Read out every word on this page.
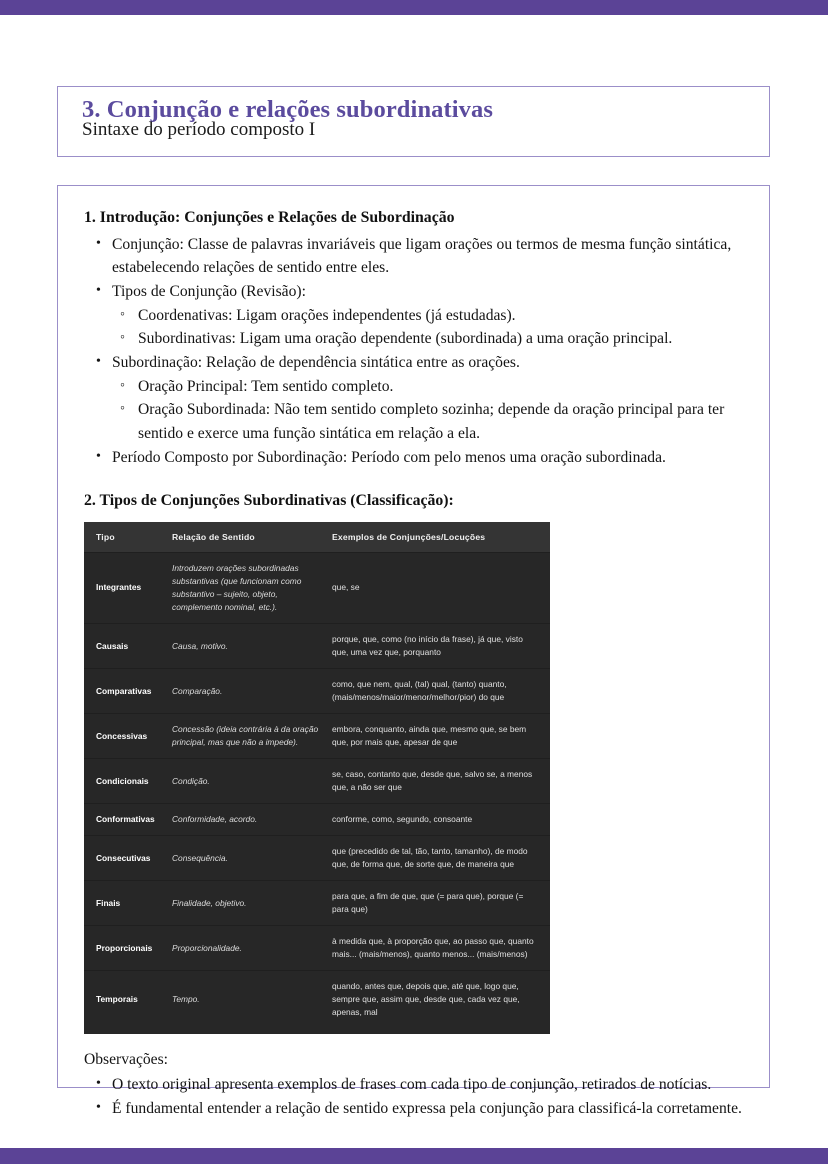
3. Conjunção e relações subordinativas
Sintaxe do período composto I
1. Introdução: Conjunções e Relações de Subordinação
• Conjunção: Classe de palavras invariáveis que ligam orações ou termos de mesma função sintática, estabelecendo relações de sentido entre eles.
• Tipos de Conjunção (Revisão):
◦ Coordenativas: Ligam orações independentes (já estudadas).
◦ Subordinativas: Ligam uma oração dependente (subordinada) a uma oração principal.
• Subordinação: Relação de dependência sintática entre as orações.
◦ Oração Principal: Tem sentido completo.
◦ Oração Subordinada: Não tem sentido completo sozinha; depende da oração principal para ter sentido e exerce uma função sintática em relação a ela.
• Período Composto por Subordinação: Período com pelo menos uma oração subordinada.
2. Tipos de Conjunções Subordinativas (Classificação):
Tipo	Relação de Sentido	Exemplos de Conjunções/Locuções
Integrantes	Introduzem orações subordinadas substantivas (que funcionam como substantivo – sujeito, objeto, complemento nominal, etc.).	que, se
Causais	Causa, motivo.	porque, que, como (no início da frase), já que, visto que, uma vez que, porquanto
Comparativas	Comparação.	como, que nem, qual, (tal) qual, (tanto) quanto, (mais/menos/maior/menor/melhor/pior) do que
Concessivas	Concessão (ideia contrária à da oração principal, mas que não a impede).	embora, conquanto, ainda que, mesmo que, se bem que, por mais que, apesar de que
Condicionais	Condição.	se, caso, contanto que, desde que, salvo se, a menos que, a não ser que
Conformativas	Conformidade, acordo.	conforme, como, segundo, consoante
Consecutivas	Consequência.	que (precedido de tal, tão, tanto, tamanho), de modo que, de forma que, de sorte que, de maneira que
Finais	Finalidade, objetivo.	para que, a fim de que, que (= para que), porque (= para que)
Proporcionais	Proporcionalidade.	à medida que, à proporção que, ao passo que, quanto mais... (mais/menos), quanto menos... (mais/menos)
Temporais	Tempo.	quando, antes que, depois que, até que, logo que, sempre que, assim que, desde que, cada vez que, apenas, mal
Observações:
• O texto original apresenta exemplos de frases com cada tipo de conjunção, retirados de notícias.
• É fundamental entender a relação de sentido expressa pela conjunção para classificá-la corretamente.
